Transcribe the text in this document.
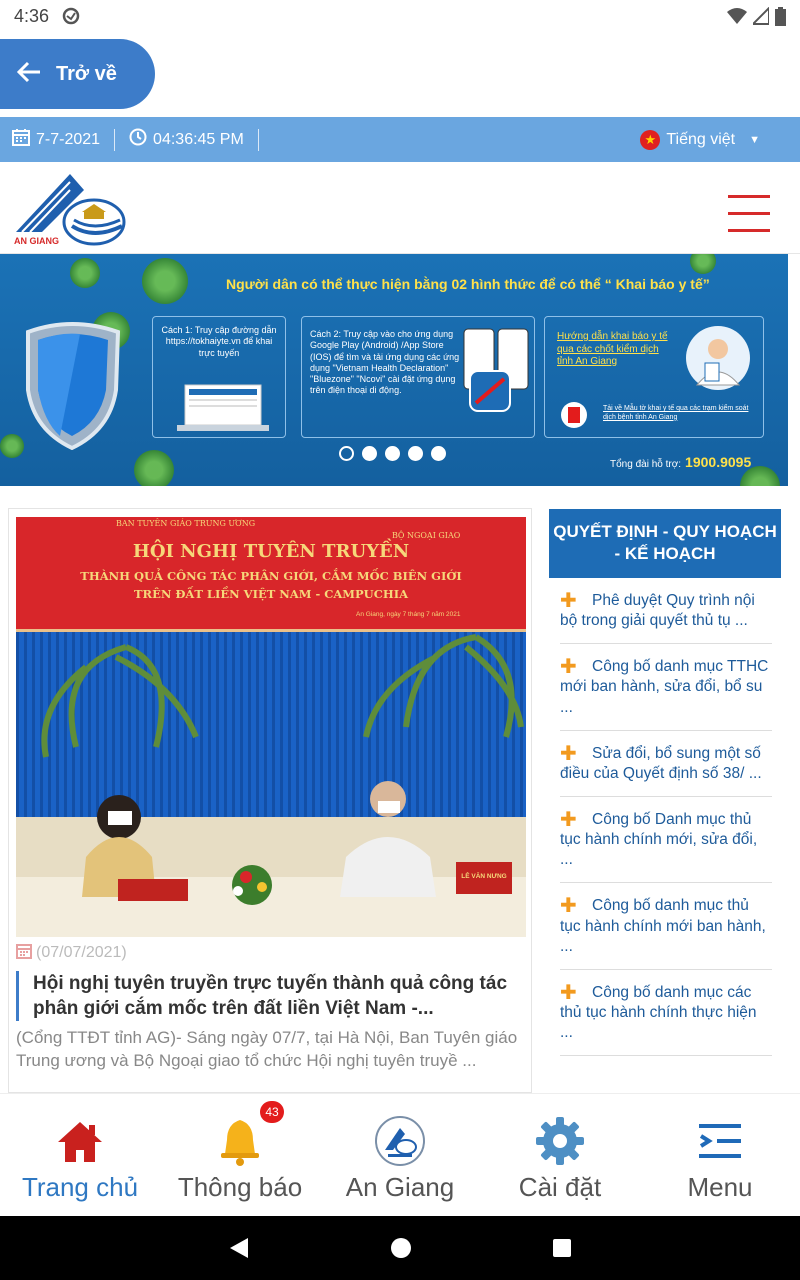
4:36
Trở về
7-7-2021	04:36:45 PM	★ Tiếng việt ▼
AN GIANG
Người dân có thể thực hiện bằng 02 hình thức để có thể “ Khai báo y tế”
Cách 1: Truy cập đường dẫn https://tokhaiyte.vn để khai trực tuyến
Cách 2: Truy cập vào cho ứng dụng Google Play (Android) /App Store (IOS) để tìm và tải ứng dụng các ứng dụng "Vietnam Health Declaration" "Bluezone" "Ncovi" cài đặt ứng dụng trên điện thoại di động.
Hướng dẫn khai báo y tế qua các chốt kiểm dịch tỉnh An Giang
Tải về Mẫu tờ khai y tế qua các trạm kiểm soát dịch bệnh tỉnh An Giang
Tổng đài hỗ trợ: 1900.9095
BAN TUYÊN GIÁO TRUNG ƯƠNG
BỘ NGOẠI GIAO
HỘI NGHỊ TUYÊN TRUYỀN
THÀNH QUẢ CÔNG TÁC PHÂN GIỚI, CẮM MỐC BIÊN GIỚI
TRÊN ĐẤT LIỀN VIỆT NAM - CAMPUCHIA
An Giang, ngày 7 tháng 7 năm 2021
LÊ VĂN NƯNG
(07/07/2021)
Hội nghị tuyên truyền trực tuyến thành quả công tác phân giới cắm mốc trên đất liền Việt Nam -...
(Cổng TTĐT tỉnh AG)- Sáng ngày 07/7, tại Hà Nội, Ban Tuyên giáo Trung ương và Bộ Ngoại giao tổ chức Hội nghị tuyên truyề ...
QUYẾT ĐỊNH - QUY HOẠCH - KẾ HOẠCH
✚ Phê duyệt Quy trình nội bộ trong giải quyết thủ tụ ...
✚ Công bố danh mục TTHC mới ban hành, sửa đổi, bổ su ...
✚ Sửa đổi, bổ sung một số điều của Quyết định số 38/ ...
✚ Công bố Danh mục thủ tục hành chính mới, sửa đổi, ...
✚ Công bố danh mục thủ tục hành chính mới ban hành, ...
✚ Công bố danh mục các thủ tục hành chính thực hiện ...
Trang chủ	Thông báo	An Giang	Cài đặt	Menu
43
